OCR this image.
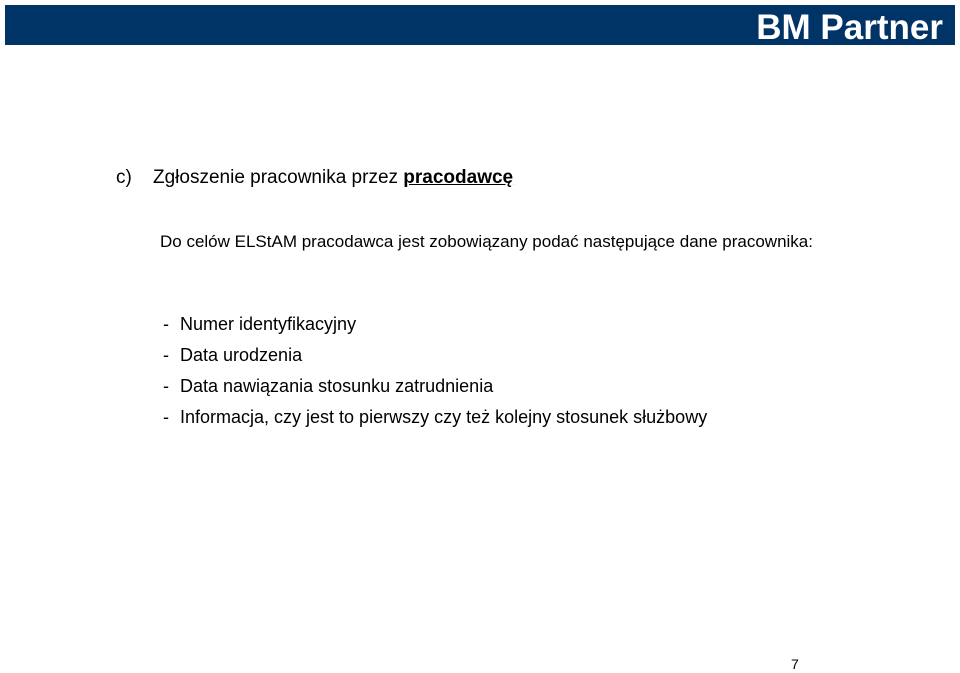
BM Partner
c) Zgłoszenie pracownika przez pracodawcę
Do celów ELStAM pracodawca jest zobowiązany podać następujące dane pracownika:
- Numer identyfikacyjny
- Data urodzenia
- Data nawiązania stosunku zatrudnienia
- Informacja, czy jest to pierwszy czy też kolejny stosunek służbowy
7
